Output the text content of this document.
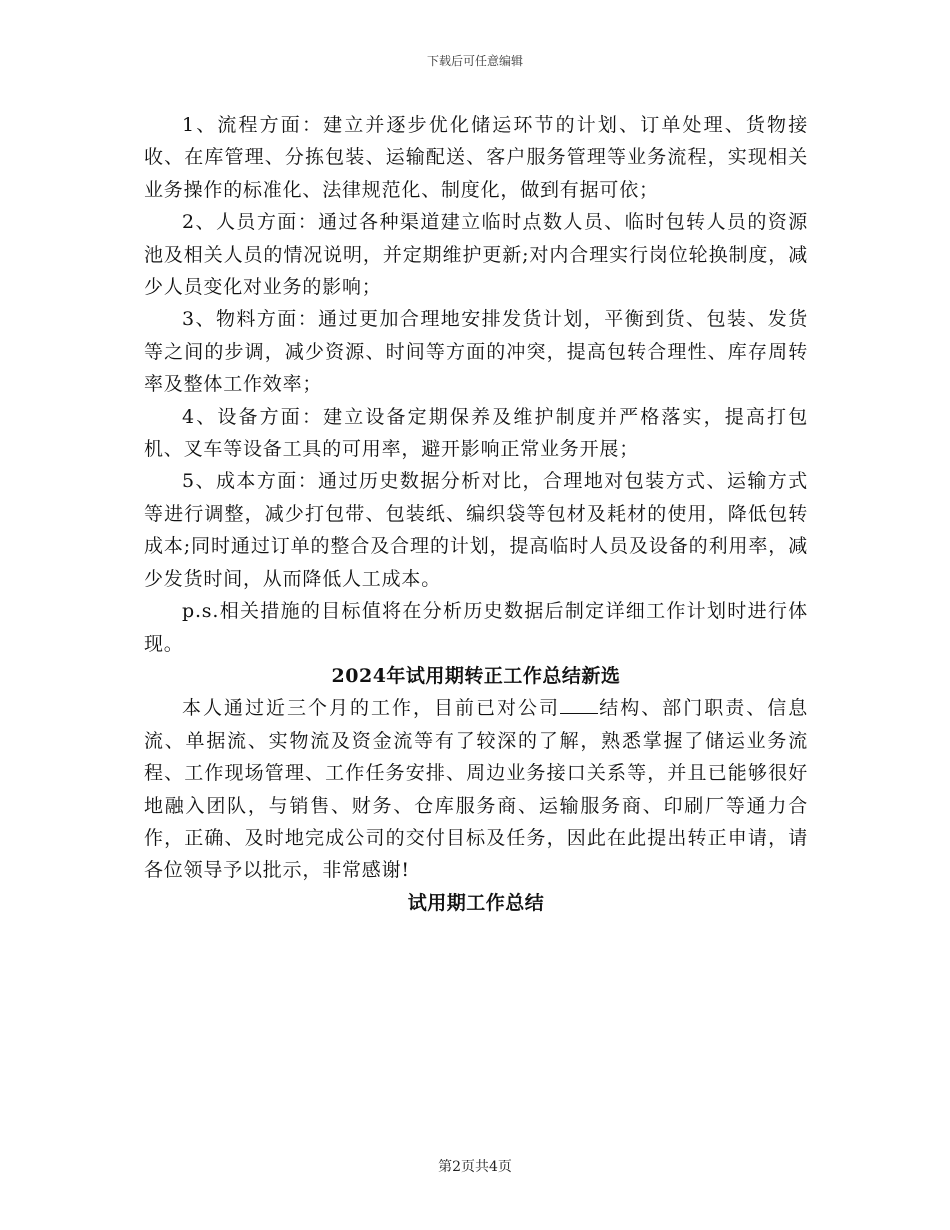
下载后可任意编辑

1、流程方面：建立并逐步优化储运环节的计划、订单处理、货物接收、在库管理、分拣包装、运输配送、客户服务管理等业务流程，实现相关业务操作的标准化、法律规范化、制度化，做到有据可依；

2、人员方面：通过各种渠道建立临时点数人员、临时包转人员的资源池及相关人员的情况说明，并定期维护更新;对内合理实行岗位轮换制度，减少人员变化对业务的影响；

3、物料方面：通过更加合理地安排发货计划，平衡到货、包装、发货等之间的步调，减少资源、时间等方面的冲突，提高包转合理性、库存周转率及整体工作效率；

4、设备方面：建立设备定期保养及维护制度并严格落实，提高打包机、叉车等设备工具的可用率，避开影响正常业务开展；

5、成本方面：通过历史数据分析对比，合理地对包装方式、运输方式等进行调整，减少打包带、包装纸、编织袋等包材及耗材的使用，降低包转成本;同时通过订单的整合及合理的计划，提高临时人员及设备的利用率，减少发货时间，从而降低人工成本。

p.s.相关措施的目标值将在分析历史数据后制定详细工作计划时进行体现。

2024年试用期转正工作总结新选

本人通过近三个月的工作，目前已对公司 结构、部门职责、信息流、单据流、实物流及资金流等有了较深的了解，熟悉掌握了储运业务流程、工作现场管理、工作任务安排、周边业务接口关系等，并且已能够很好地融入团队，与销售、财务、仓库服务商、运输服务商、印刷厂等通力合作，正确、及时地完成公司的交付目标及任务，因此在此提出转正申请，请各位领导予以批示，非常感谢!

试用期工作总结
第2页共4页
